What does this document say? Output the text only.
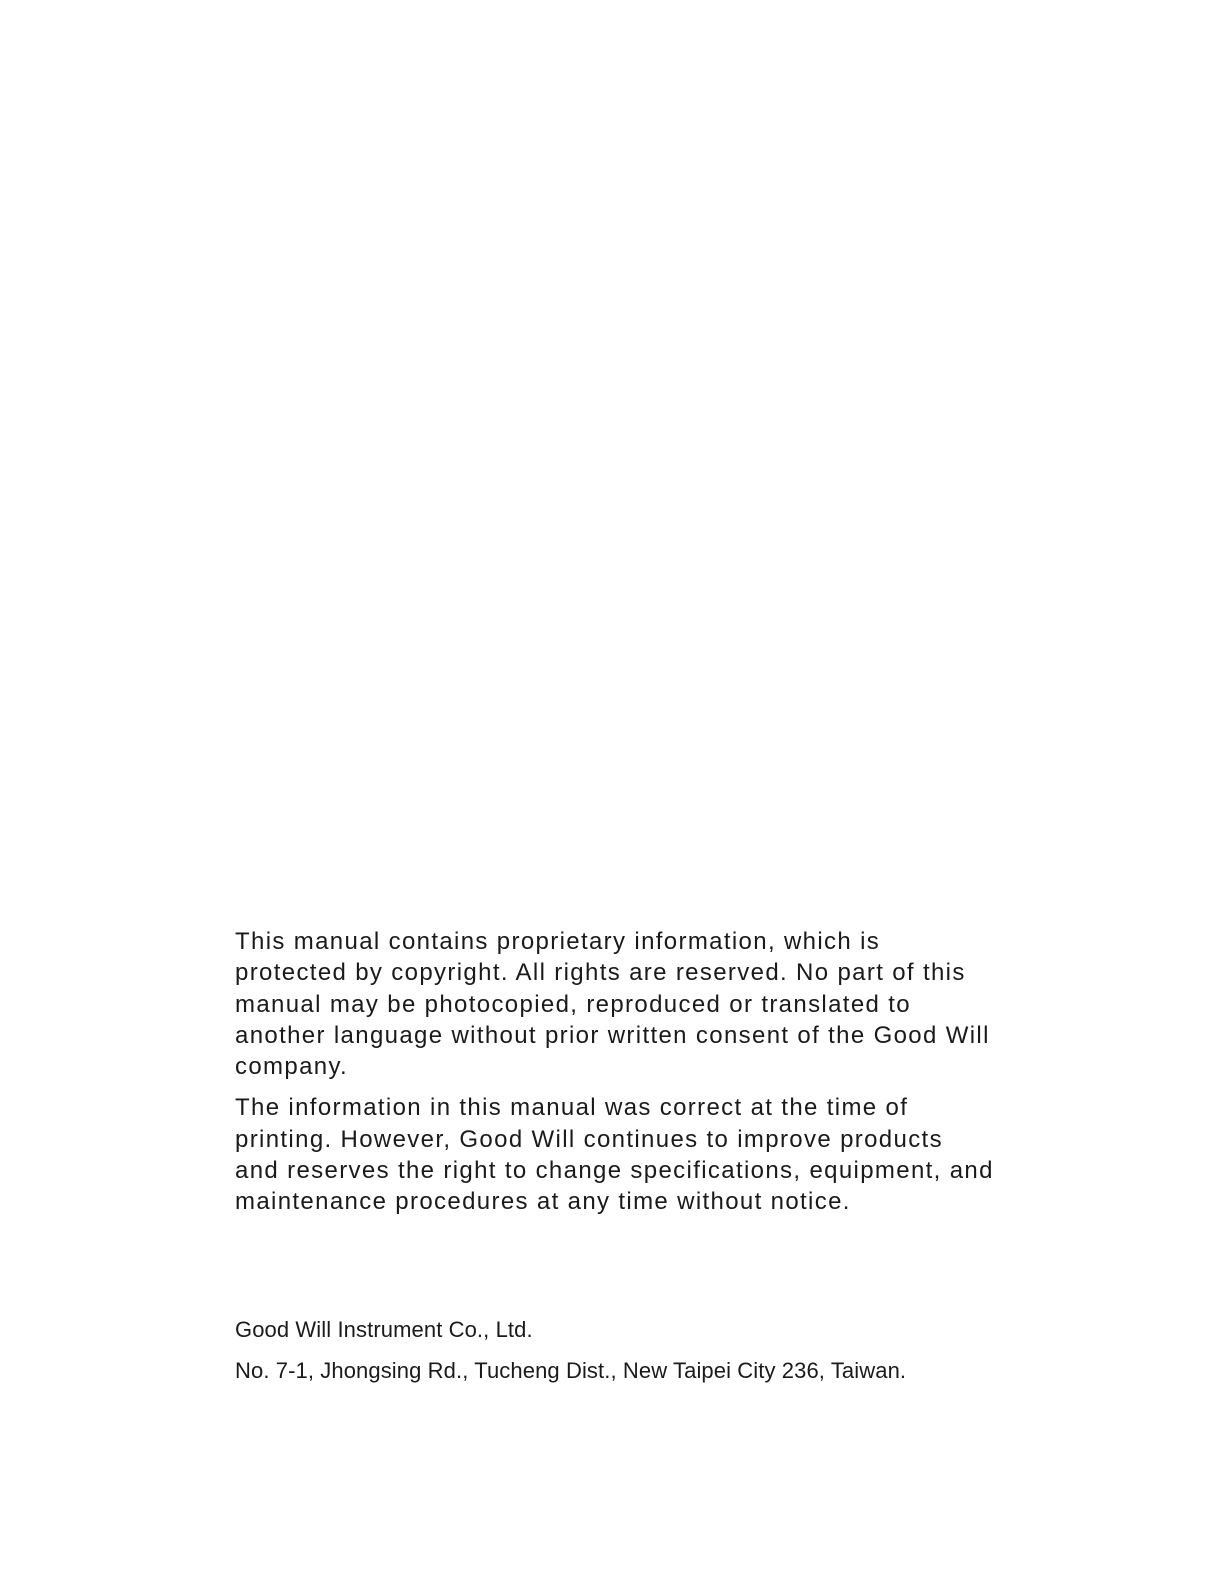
This manual contains proprietary information, which is
protected by copyright. All rights are reserved. No part of this
manual may be photocopied, reproduced or translated to
another language without prior written consent of the Good Will
company.

The information in this manual was correct at the time of
printing. However, Good Will continues to improve products
and reserves the right to change specifications, equipment, and
maintenance procedures at any time without notice.

Good Will Instrument Co., Ltd.

No. 7-1, Jhongsing Rd., Tucheng Dist., New Taipei City 236, Taiwan.
